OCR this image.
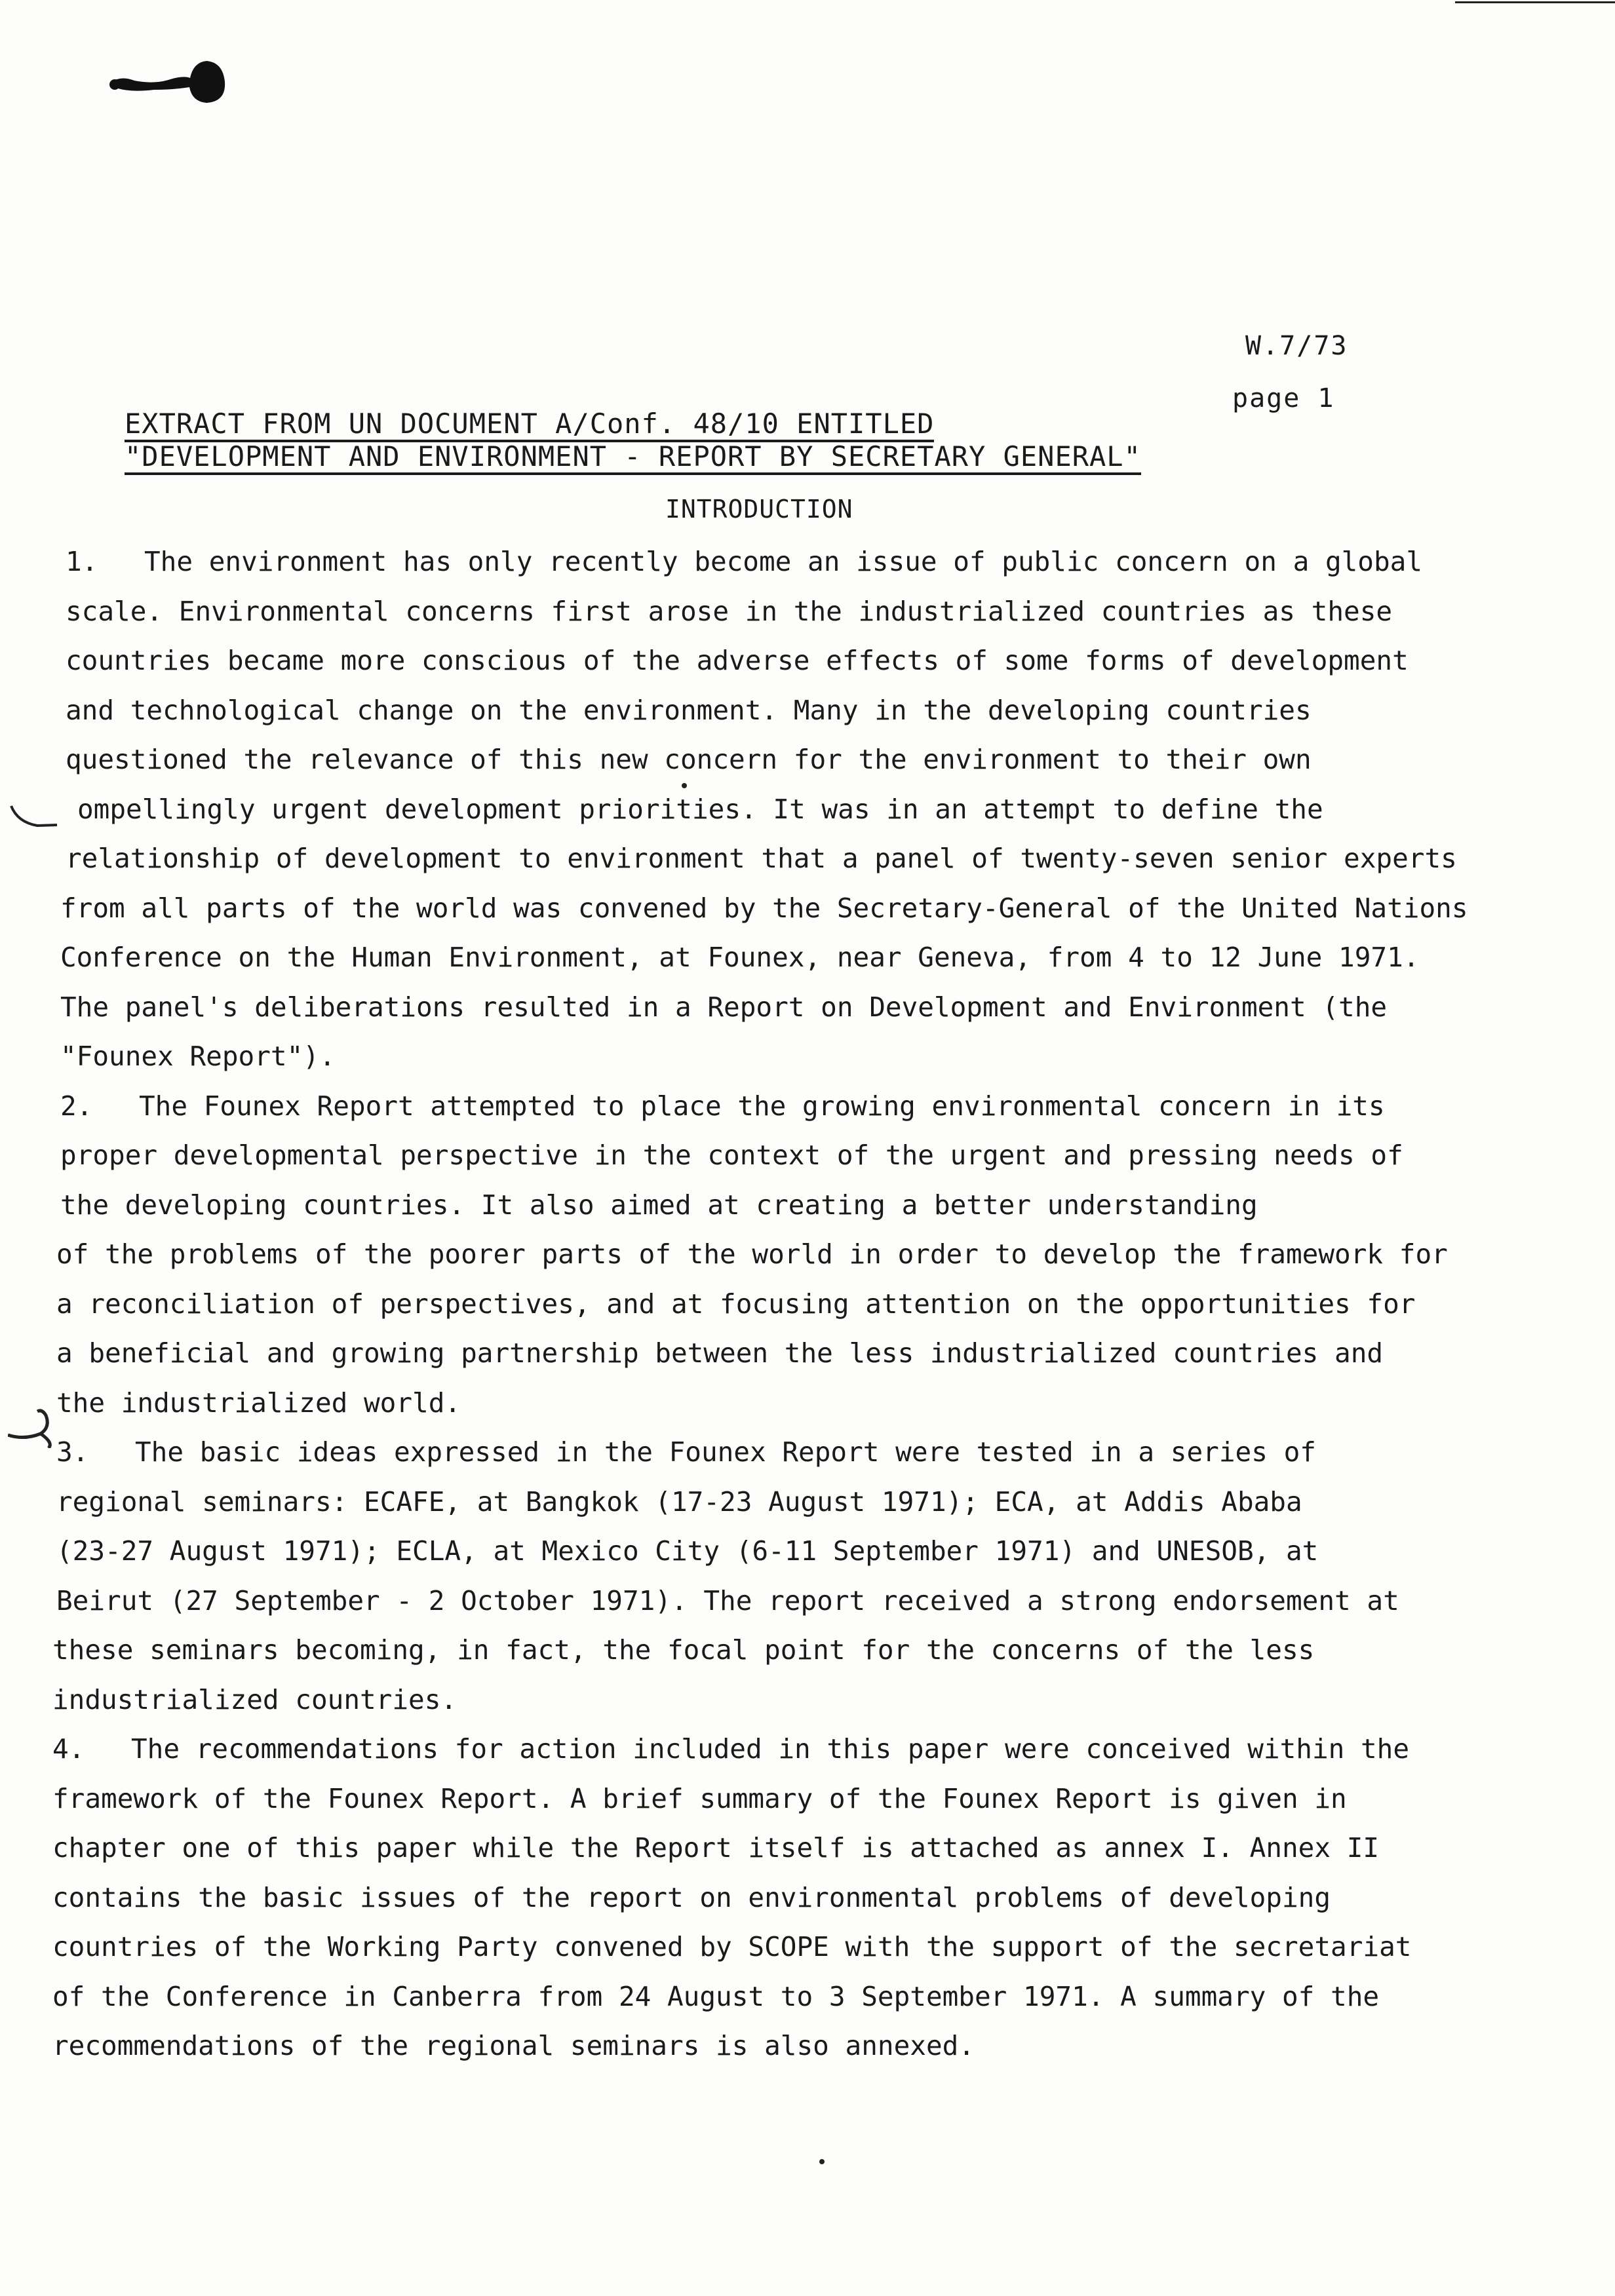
W.7/73
page 1
EXTRACT FROM UN DOCUMENT A/Conf. 48/10 ENTITLED
"DEVELOPMENT AND ENVIRONMENT - REPORT BY SECRETARY GENERAL"
INTRODUCTION
1. The environment has only recently become an issue of public concern on a global
scale. Environmental concerns first arose in the industrialized countries as these
countries became more conscious of the adverse effects of some forms of development
and technological change on the environment. Many in the developing countries
questioned the relevance of this new concern for the environment to their own
ompellingly urgent development priorities. It was in an attempt to define the
relationship of development to environment that a panel of twenty-seven senior experts
from all parts of the world was convened by the Secretary-General of the United Nations
Conference on the Human Environment, at Founex, near Geneva, from 4 to 12 June 1971.
The panel's deliberations resulted in a Report on Development and Environment (the
"Founex Report").
2. The Founex Report attempted to place the growing environmental concern in its
proper developmental perspective in the context of the urgent and pressing needs of
the developing countries. It also aimed at creating a better understanding
of the problems of the poorer parts of the world in order to develop the framework for
a reconciliation of perspectives, and at focusing attention on the opportunities for
a beneficial and growing partnership between the less industrialized countries and
the industrialized world.
3. The basic ideas expressed in the Founex Report were tested in a series of
regional seminars: ECAFE, at Bangkok (17-23 August 1971); ECA, at Addis Ababa
(23-27 August 1971); ECLA, at Mexico City (6-11 September 1971) and UNESOB, at
Beirut (27 September - 2 October 1971). The report received a strong endorsement at
these seminars becoming, in fact, the focal point for the concerns of the less
industrialized countries.
4. The recommendations for action included in this paper were conceived within the
framework of the Founex Report. A brief summary of the Founex Report is given in
chapter one of this paper while the Report itself is attached as annex I. Annex II
contains the basic issues of the report on environmental problems of developing
countries of the Working Party convened by SCOPE with the support of the secretariat
of the Conference in Canberra from 24 August to 3 September 1971. A summary of the
recommendations of the regional seminars is also annexed.
